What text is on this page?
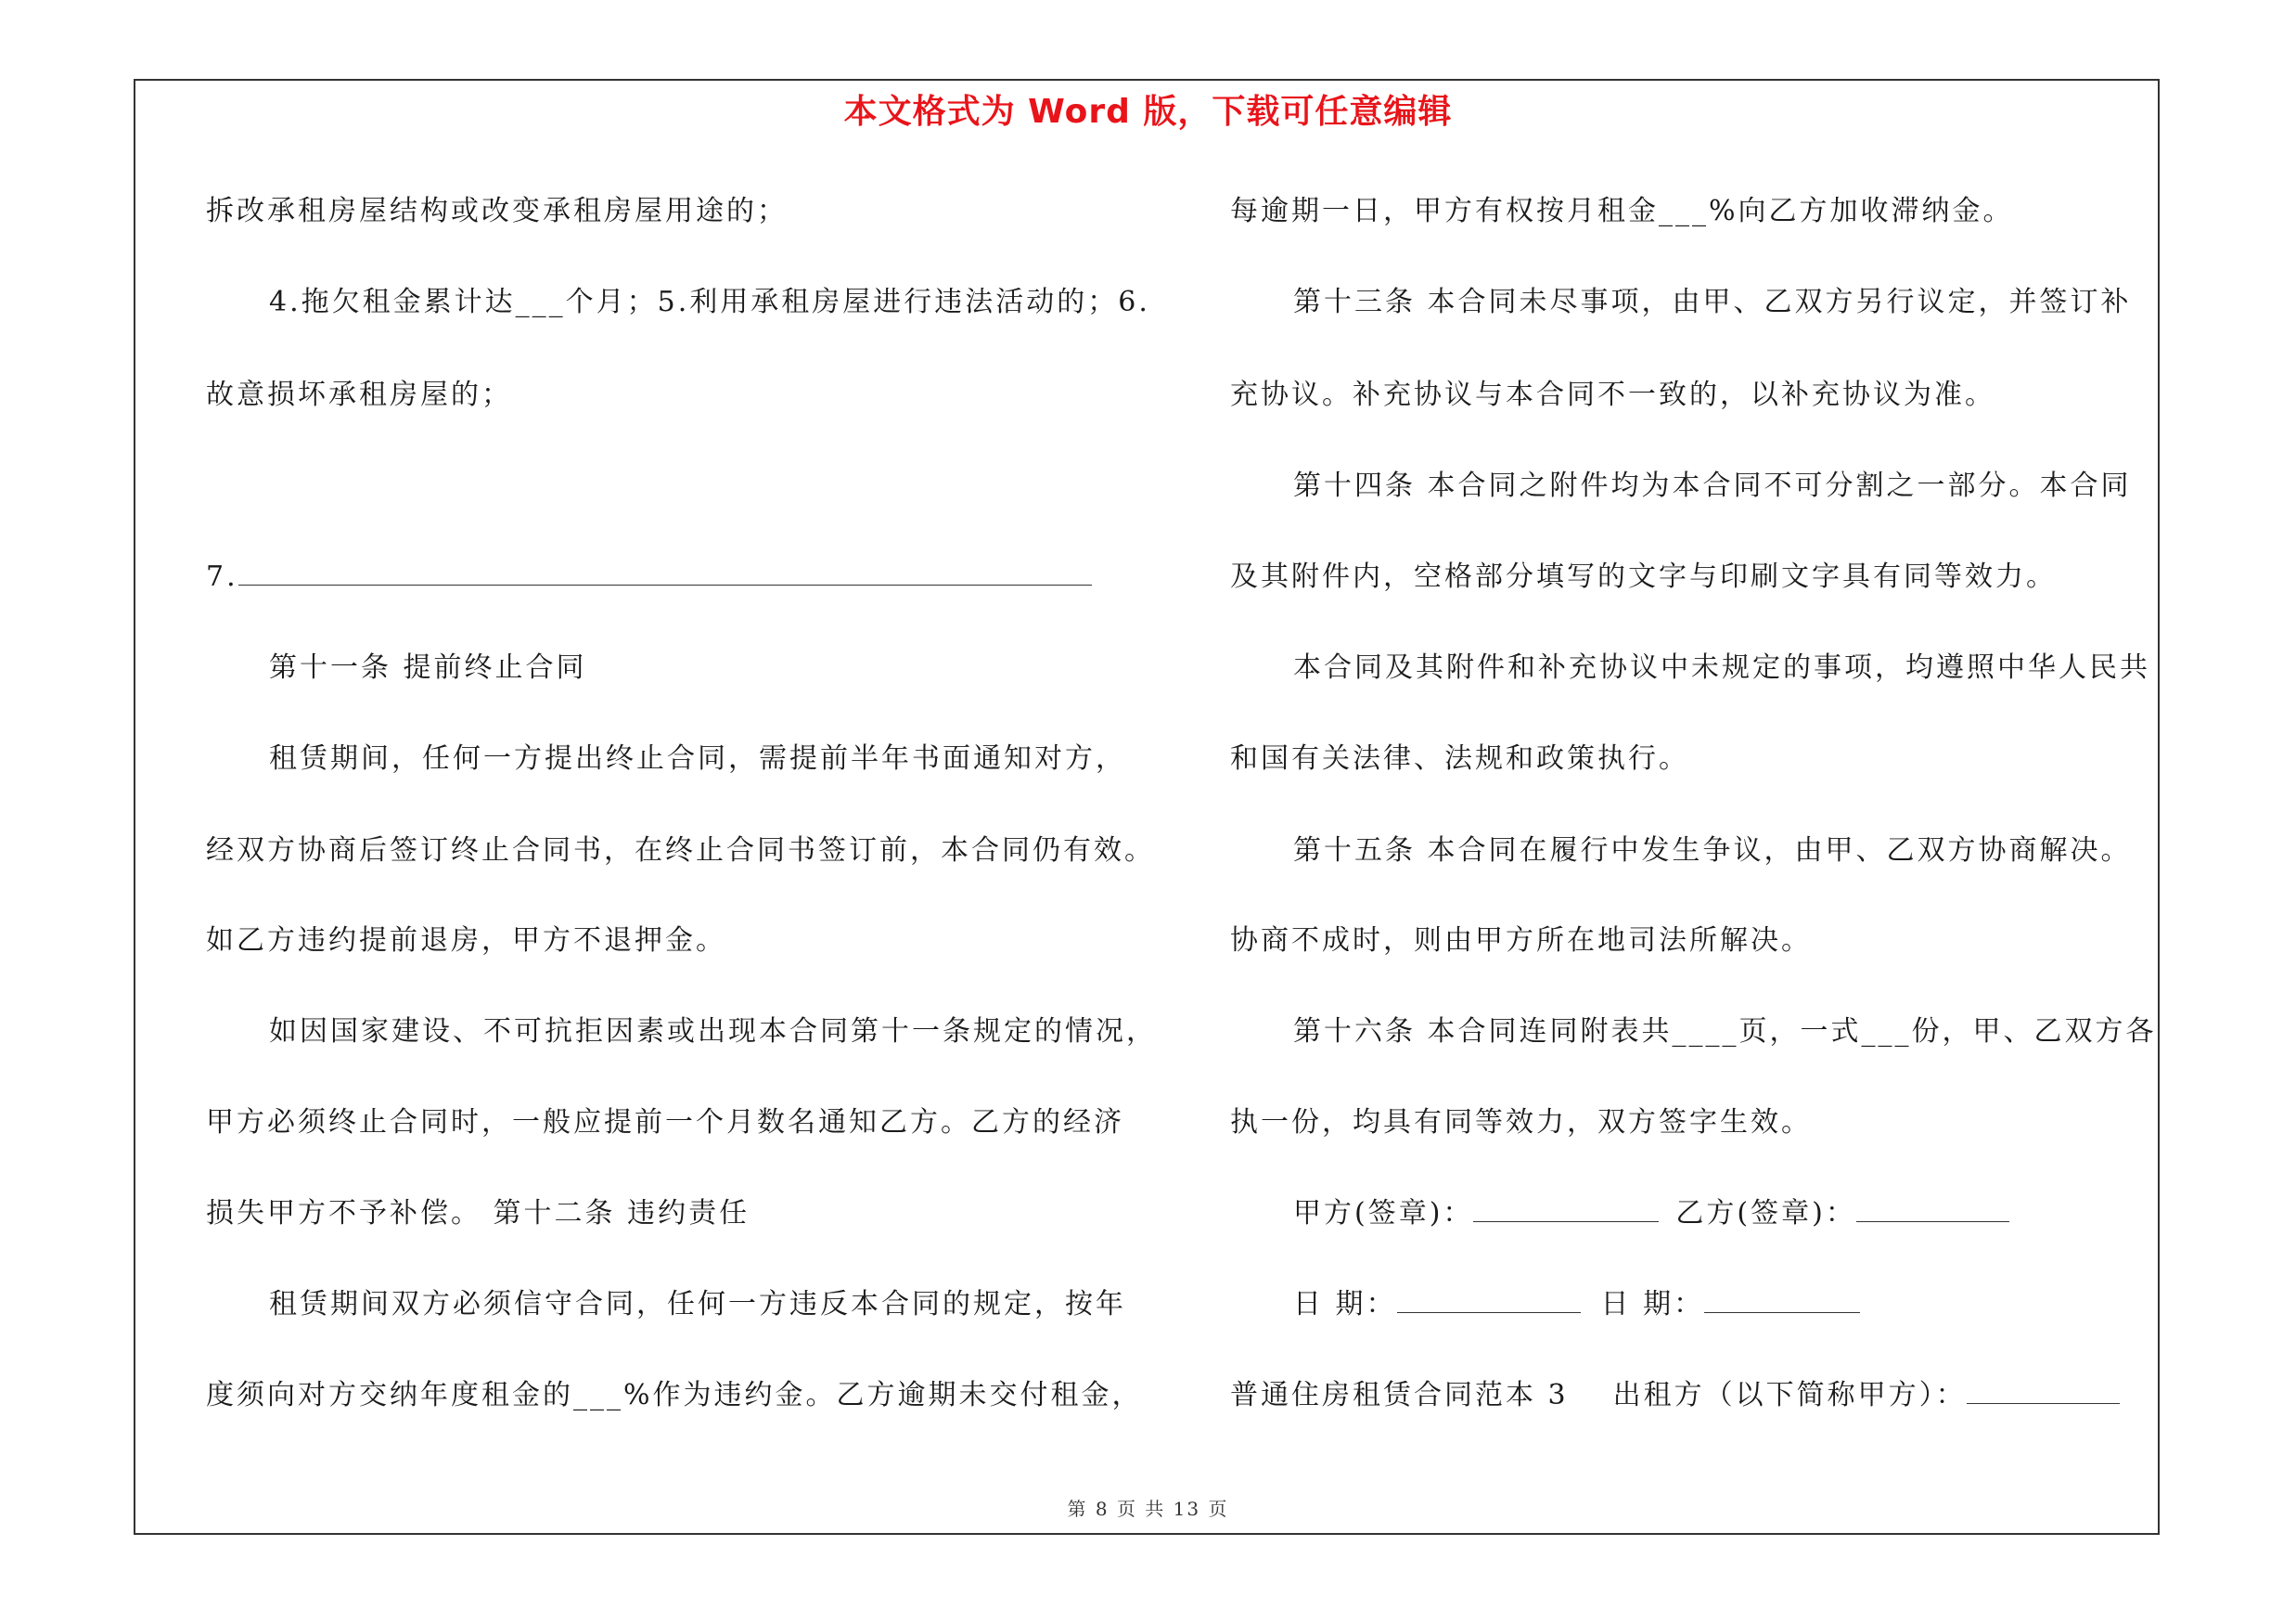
本文格式为 Word 版，下载可任意编辑
拆改承租房屋结构或改变承租房屋用途的；
4.拖欠租金累计达___个月；5.利用承租房屋进行违法活动的；6.
故意损坏承租房屋的；
7.
第十一条 提前终止合同
租赁期间，任何一方提出终止合同，需提前半年书面通知对方，
经双方协商后签订终止合同书，在终止合同书签订前，本合同仍有效。
如乙方违约提前退房，甲方不退押金。
如因国家建设、不可抗拒因素或出现本合同第十一条规定的情况，
甲方必须终止合同时，一般应提前一个月数名通知乙方。乙方的经济
损失甲方不予补偿。 第十二条 违约责任
租赁期间双方必须信守合同，任何一方违反本合同的规定，按年
度须向对方交纳年度租金的___%作为违约金。乙方逾期未交付租金，
每逾期一日，甲方有权按月租金___%向乙方加收滞纳金。
第十三条 本合同未尽事项，由甲、乙双方另行议定，并签订补
充协议。补充协议与本合同不一致的，以补充协议为准。
第十四条 本合同之附件均为本合同不可分割之一部分。本合同
及其附件内，空格部分填写的文字与印刷文字具有同等效力。
本合同及其附件和补充协议中未规定的事项，均遵照中华人民共
和国有关法律、法规和政策执行。
第十五条 本合同在履行中发生争议，由甲、乙双方协商解决。
协商不成时，则由甲方所在地司法所解决。
第十六条 本合同连同附表共____页，一式___份，甲、乙双方各
执一份，均具有同等效力，双方签字生效。
甲方(签章)：	乙方(签章)：
日 期：	日 期：
普通住房租赁合同范本 3 出租方（以下简称甲方）：
第 8 页 共 13 页
